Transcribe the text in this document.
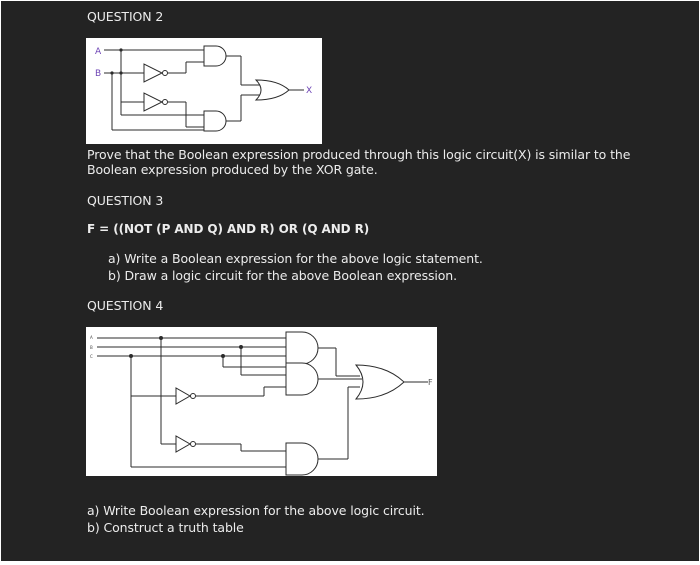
QUESTION 2
A
B
X
Prove that the Boolean expression produced through this logic circuit(X) is similar to the
Boolean expression produced by the XOR gate.
QUESTION 3
F = ((NOT (P AND Q) AND R) OR (Q AND R)
a) Write a Boolean expression for the above logic statement.
b) Draw a logic circuit for the above Boolean expression.
QUESTION 4
A
B
C
F
a) Write Boolean expression for the above logic circuit.
b) Construct a truth table
